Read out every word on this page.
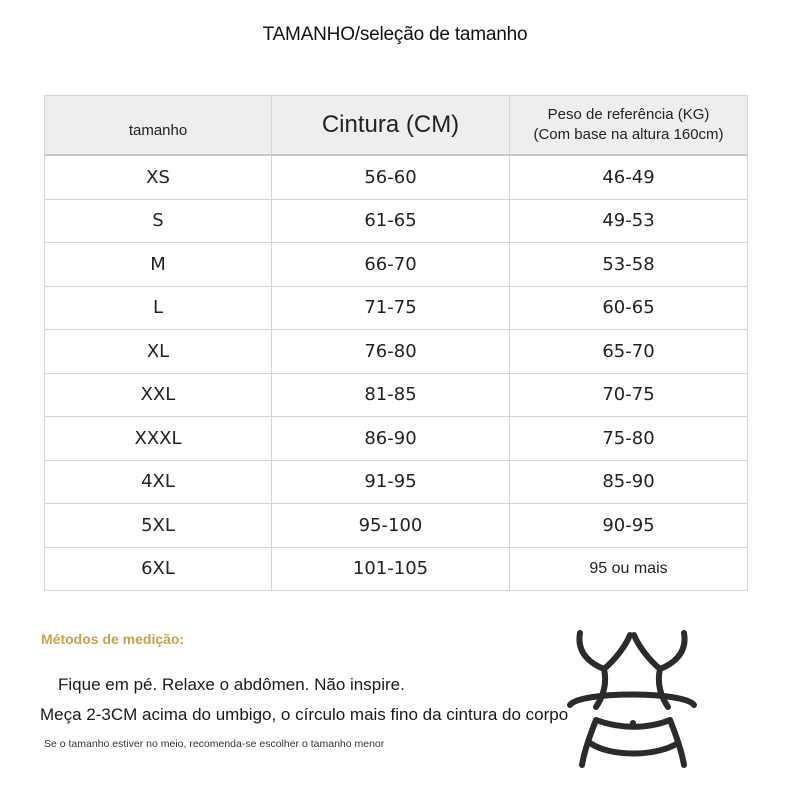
TAMANHO/seleção de tamanho
tamanho	Cintura (CM)	Peso de referência (KG)
(Com base na altura 160cm)

XS	56-60	46-49
S	61-65	49-53
M	66-70	53-58
L	71-75	60-65
XL	76-80	65-70
XXL	81-85	70-75
XXXL	86-90	75-80
4XL	91-95	85-90
5XL	95-100	90-95
6XL	101-105	95 ou mais
Métodos de medição:
Fique em pé. Relaxe o abdômen. Não inspire.
Meça 2-3CM acima do umbigo, o círculo mais fino da cintura do corpo
Se o tamanho estiver no meio, recomenda-se escolher o tamanho menor
